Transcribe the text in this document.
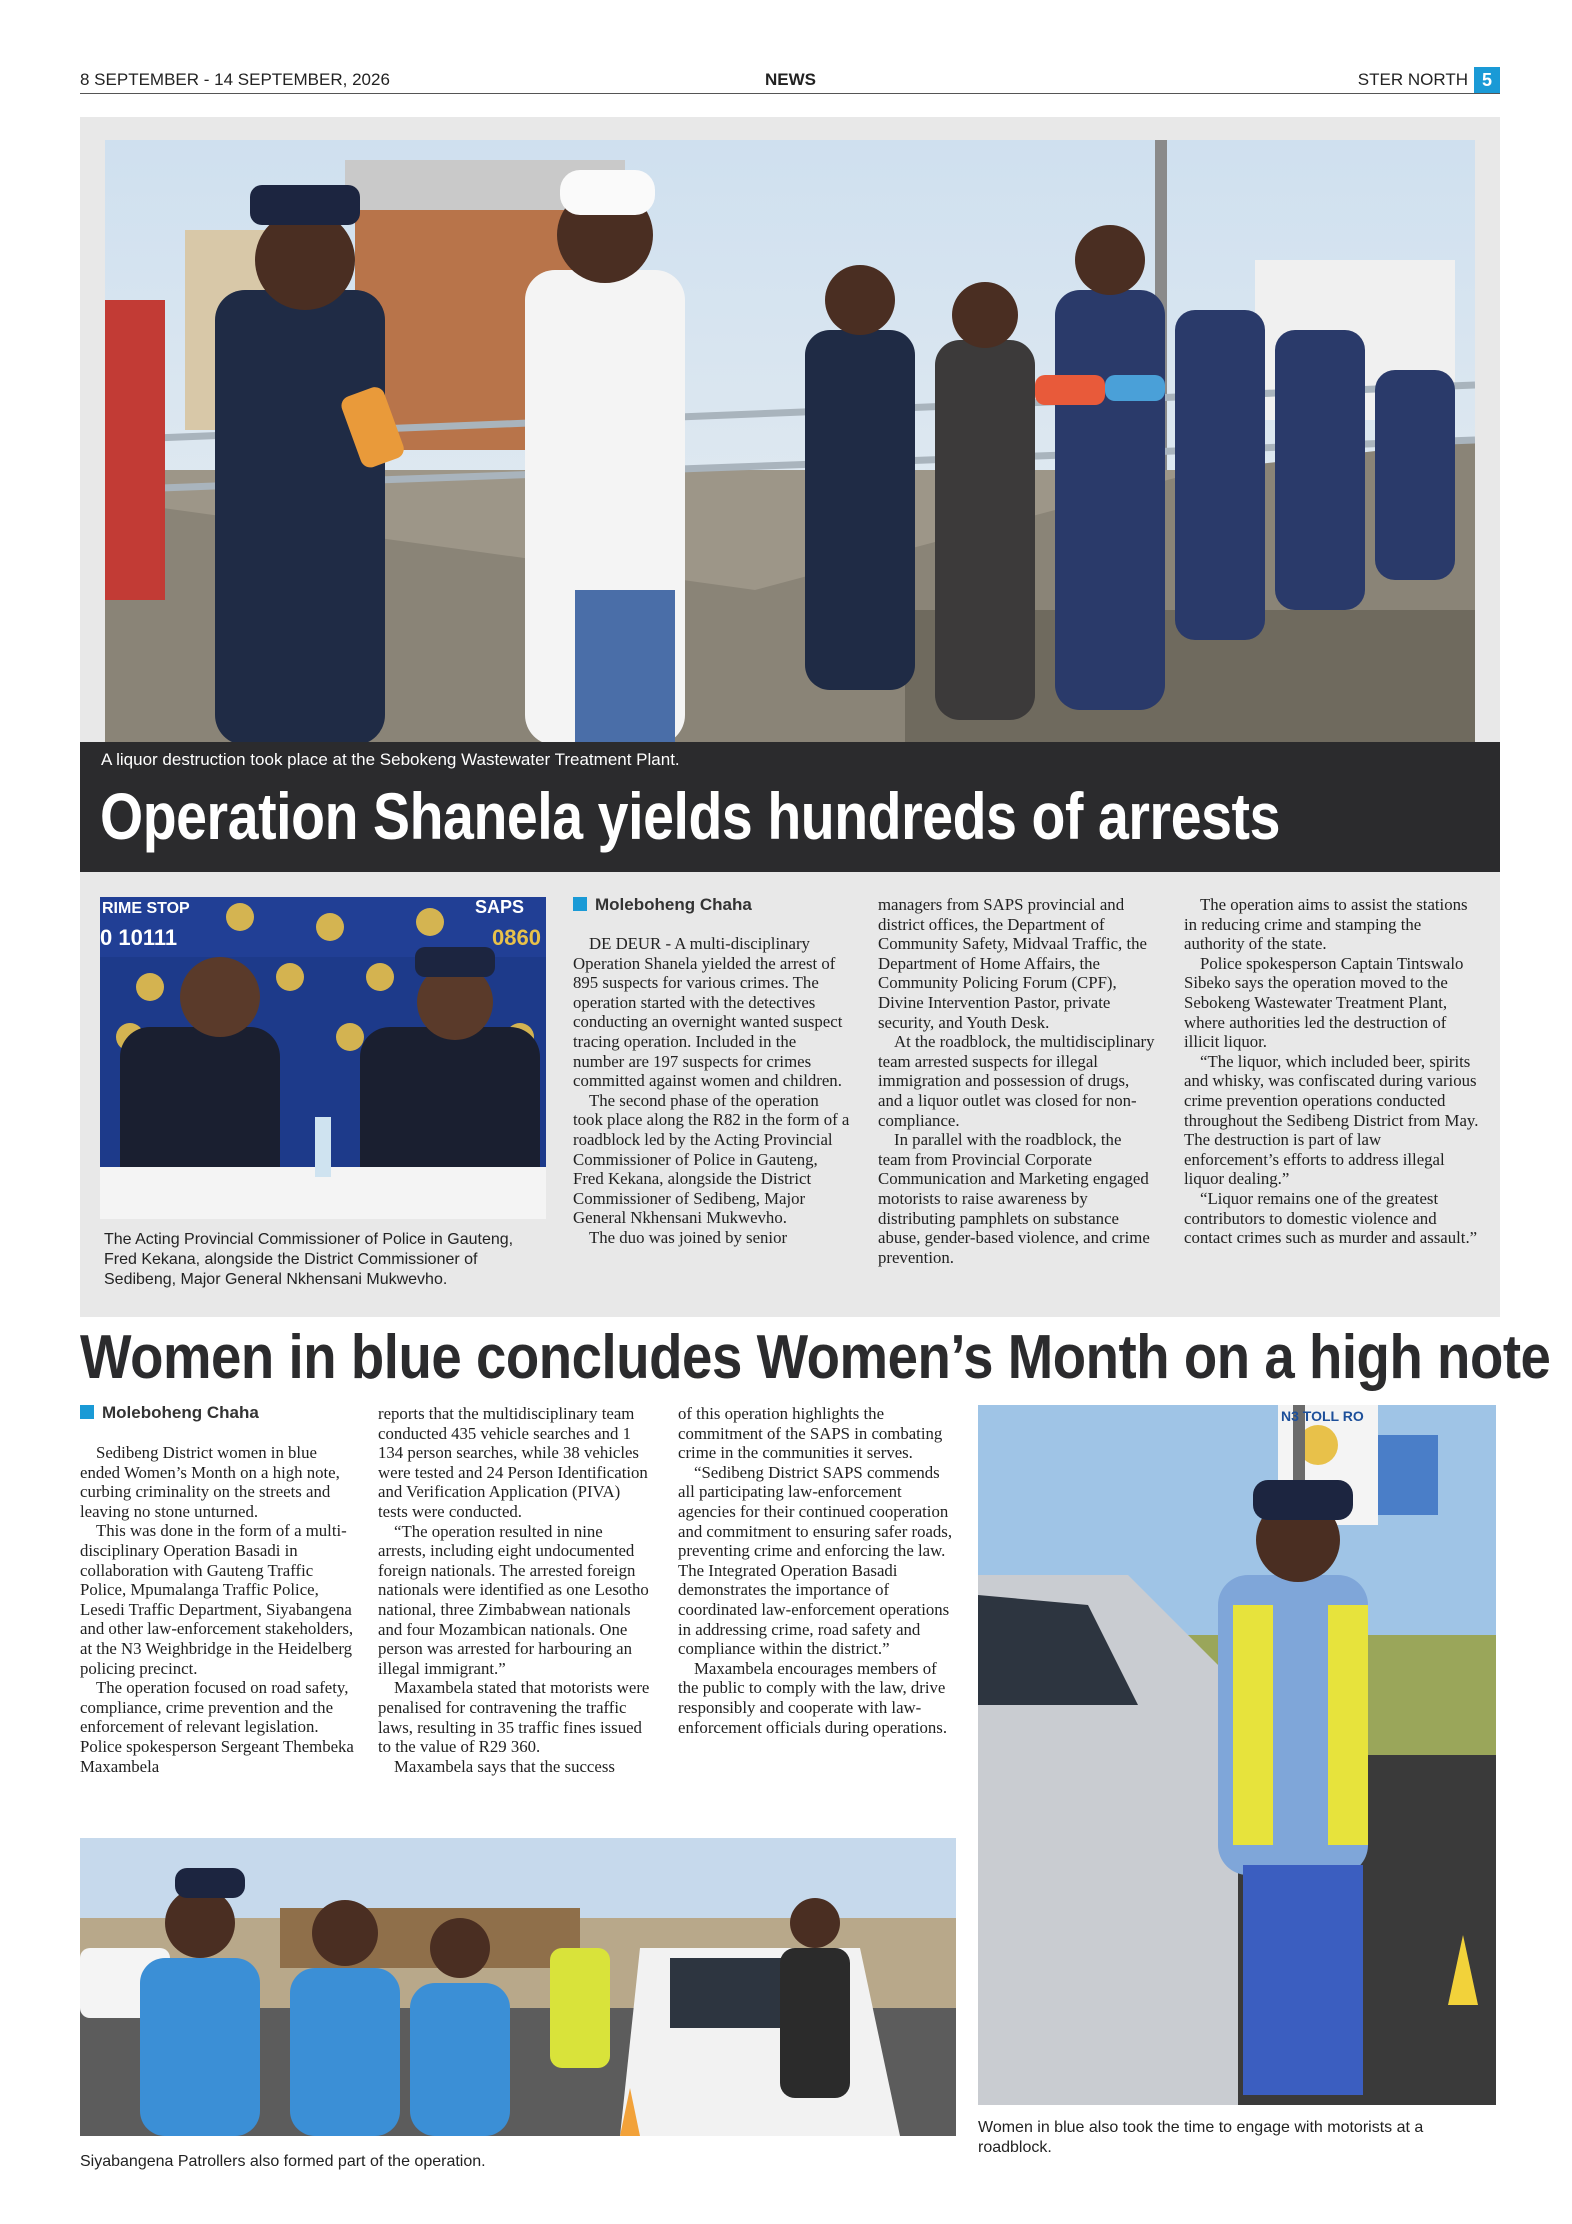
8 SEPTEMBER - 14 SEPTEMBER, 2026	NEWS	STER NORTH 5
A liquor destruction took place at the Sebokeng Wastewater Treatment Plant.
Operation Shanela yields hundreds of arrests
RIME STOP
0 10111
SAPS
0860
The Acting Provincial Commissioner of Police in Gauteng, Fred Kekana, alongside the District Commissioner of Sedibeng, Major General Nkhensani Mukwevho.
Moleboheng Chaha

DE DEUR - A multi-disciplinary Operation Shanela yielded the arrest of 895 suspects for various crimes. The operation started with the detectives conducting an overnight wanted suspect tracing operation. Included in the number are 197 suspects for crimes committed against women and children.

The second phase of the operation took place along the R82 in the form of a roadblock led by the Acting Provincial Commissioner of Police in Gauteng, Fred Kekana, alongside the District Commissioner of Sedibeng, Major General Nkhensani Mukwevho.

The duo was joined by senior

managers from SAPS provincial and district offices, the Department of Community Safety, Midvaal Traffic, the Department of Home Affairs, the Community Policing Forum (CPF), Divine Intervention Pastor, private security, and Youth Desk.

At the roadblock, the multidisciplinary team arrested suspects for illegal immigration and possession of drugs, and a liquor outlet was closed for non-compliance.

In parallel with the roadblock, the team from Provincial Corporate Communication and Marketing engaged motorists to raise awareness by distributing pamphlets on substance abuse, gender-based violence, and crime prevention.

The operation aims to assist the stations in reducing crime and stamping the authority of the state.

Police spokesperson Captain Tintswalo Sibeko says the operation moved to the Sebokeng Wastewater Treatment Plant, where authorities led the destruction of illicit liquor.

“The liquor, which included beer, spirits and whisky, was confiscated during various crime prevention operations conducted throughout the Sedibeng District from May. The destruction is part of law enforcement’s efforts to address illegal liquor dealing.”

“Liquor remains one of the greatest contributors to domestic violence and contact crimes such as murder and assault.”

Women in blue concludes Women’s Month on a high note
Moleboheng Chaha

Sedibeng District women in blue ended Women’s Month on a high note, curbing criminality on the streets and leaving no stone unturned.

This was done in the form of a multi-disciplinary Operation Basadi in collaboration with Gauteng Traffic Police, Mpumalanga Traffic Police, Lesedi Traffic Department, Siyabangena and other law-enforcement stakeholders, at the N3 Weighbridge in the Heidelberg policing precinct.

The operation focused on road safety, compliance, crime prevention and the enforcement of relevant legislation. Police spokesperson Sergeant Thembeka Maxambela

reports that the multidisciplinary team conducted 435 vehicle searches and 1 134 person searches, while 38 vehicles were tested and 24 Person Identification and Verification Application (PIVA) tests were conducted.

“The operation resulted in nine arrests, including eight undocumented foreign nationals. The arrested foreign nationals were identified as one Lesotho national, three Zimbabwean nationals and four Mozambican nationals. One person was arrested for harbouring an illegal immigrant.”

Maxambela stated that motorists were penalised for contravening the traffic laws, resulting in 35 traffic fines issued to the value of R29 360.

Maxambela says that the success

of this operation highlights the commitment of the SAPS in combating crime in the communities it serves.

“Sedibeng District SAPS commends all participating law-enforcement agencies for their continued cooperation and commitment to ensuring safer roads, preventing crime and enforcing the law. The Integrated Operation Basadi demonstrates the importance of coordinated law-enforcement operations in addressing crime, road safety and compliance within the district.”

Maxambela encourages members of the public to comply with the law, drive responsibly and cooperate with law-enforcement officials during operations.

N3 TOLL RO
Women in blue also took the time to engage with motorists at a roadblock.
Siyabangena Patrollers also formed part of the operation.
